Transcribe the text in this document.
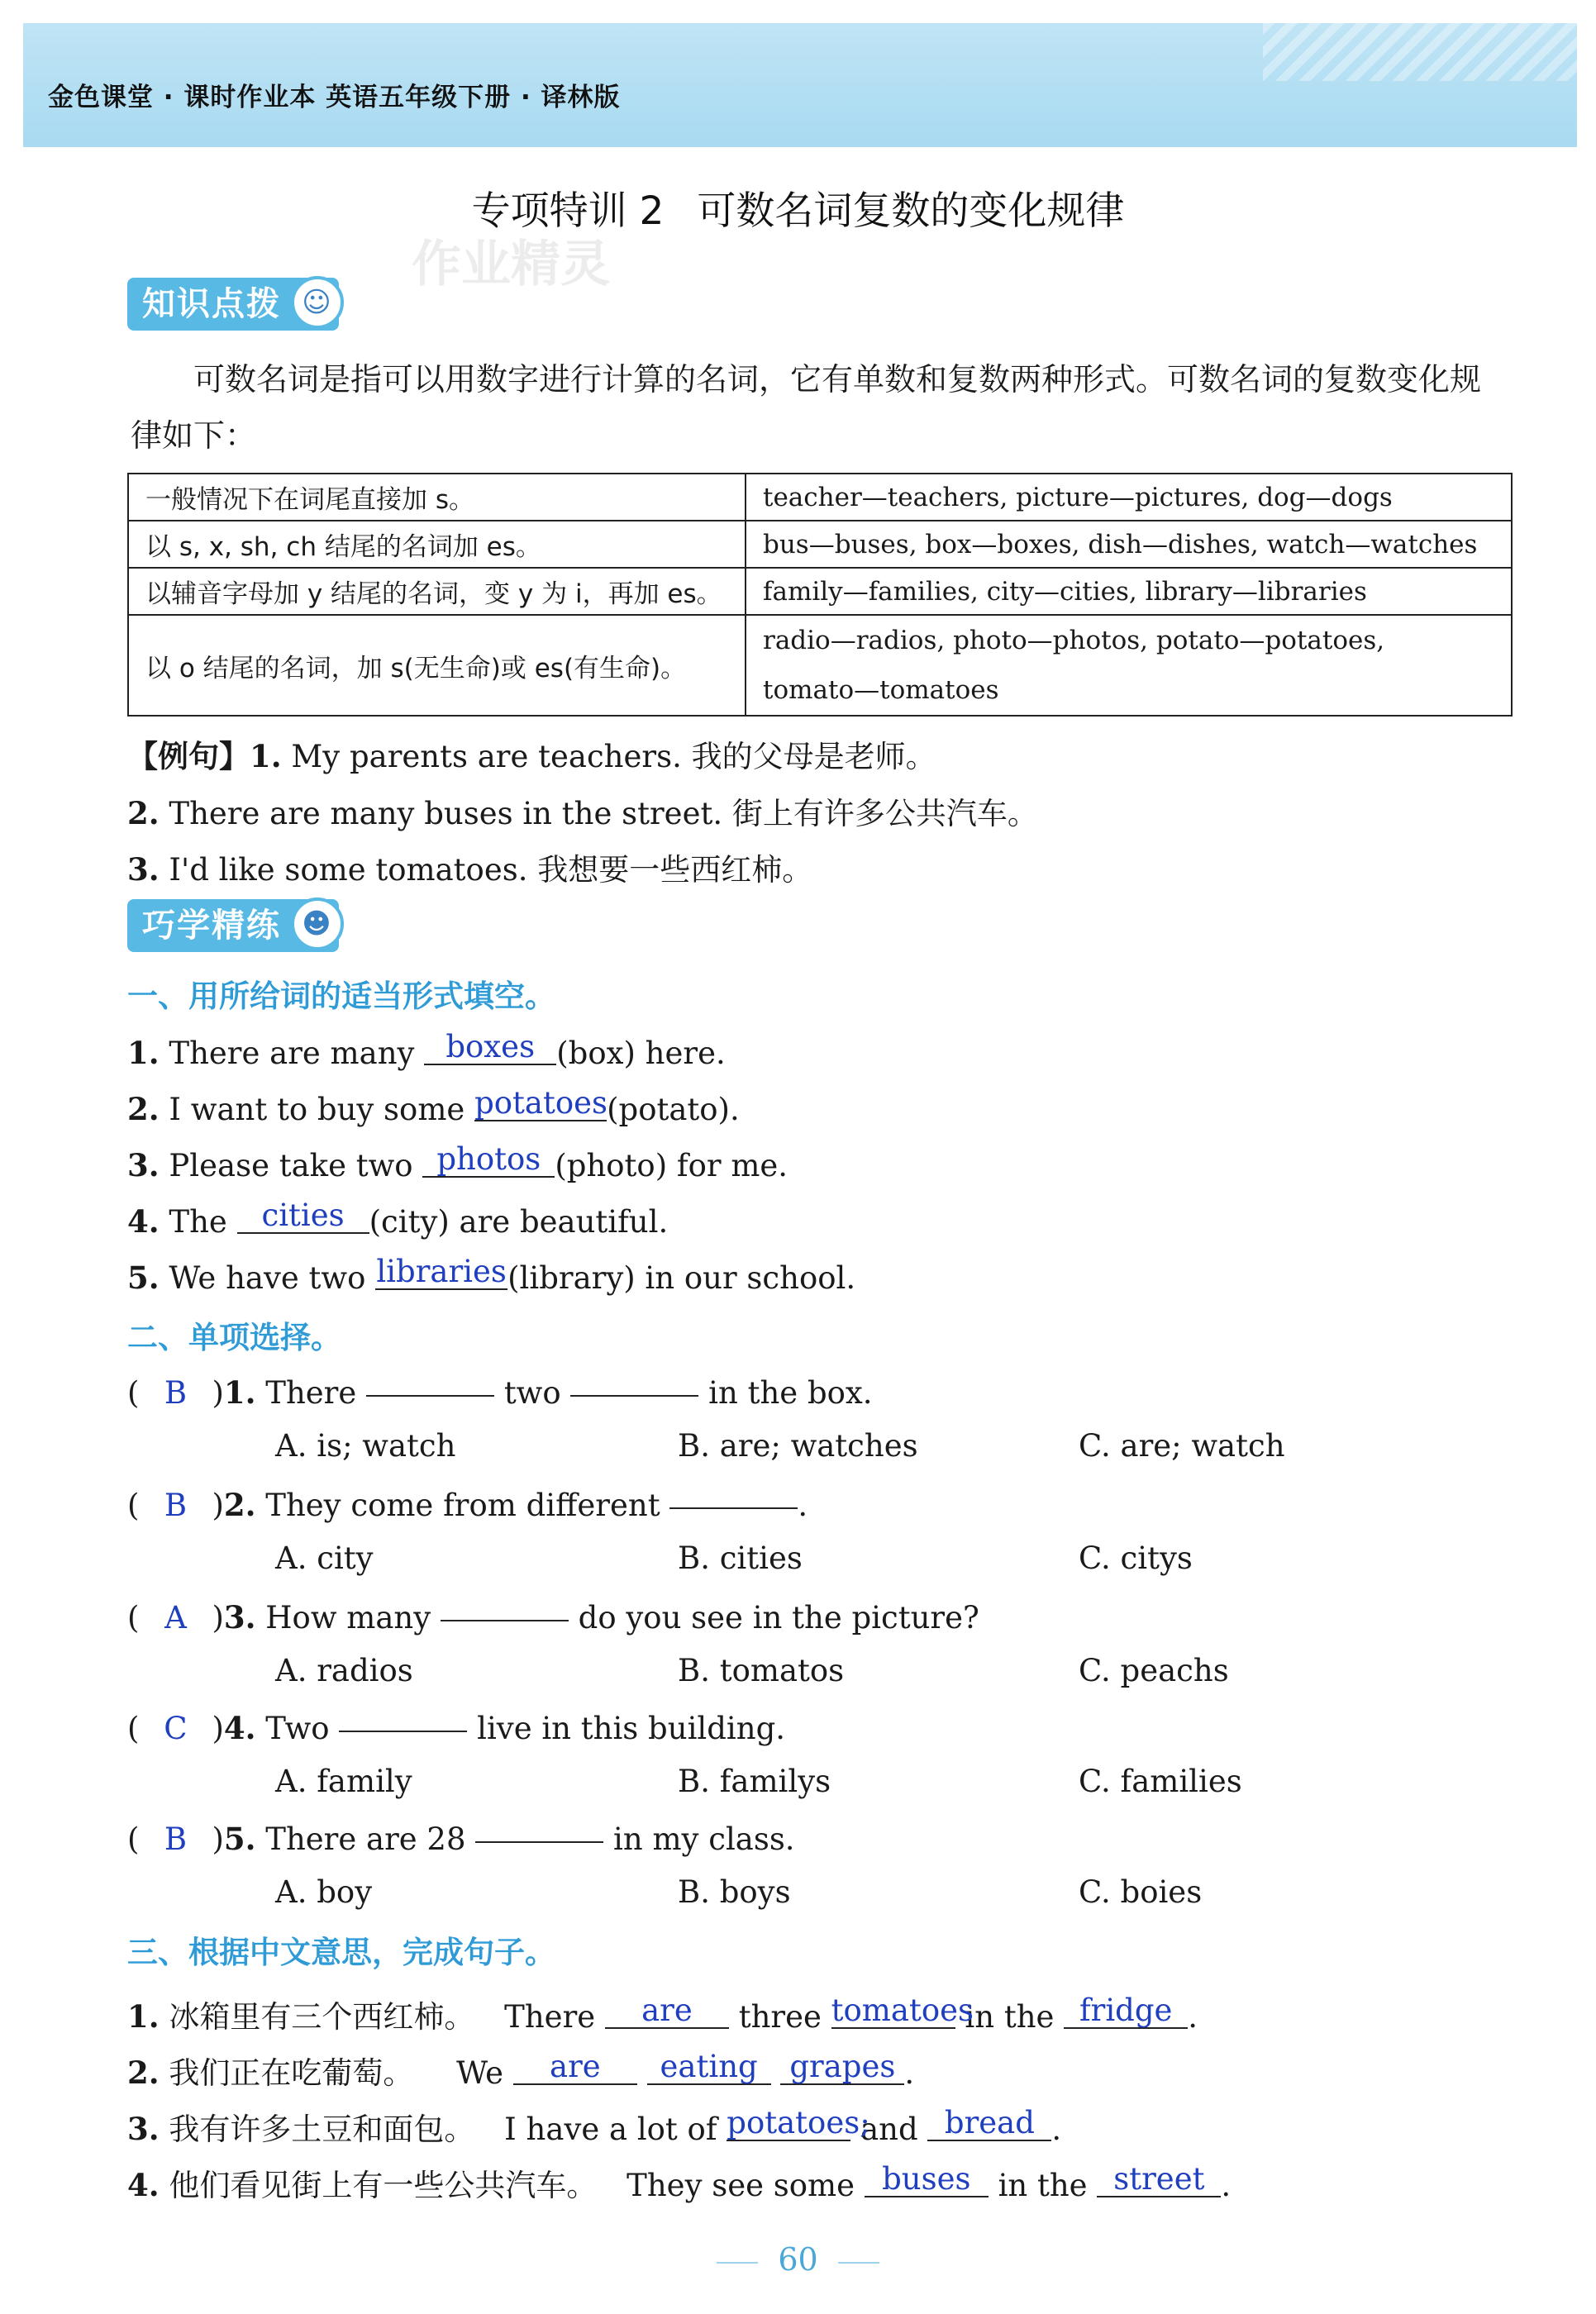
金色课堂 · 课时作业本 英语五年级下册 · 译林版
专项特训 2 可数名词复数的变化规律
作业精灵
知识点拨 ☺
可数名词是指可以用数字进行计算的名词，它有单数和复数两种形式。可数名词的复数变化规律如下：
一般情况下在词尾直接加 s。	teacher—teachers, picture—pictures, dog—dogs
以 s, x, sh, ch 结尾的名词加 es。	bus—buses, box—boxes, dish—dishes, watch—watches
以辅音字母加 y 结尾的名词，变 y 为 i，再加 es。	family—families, city—cities, library—libraries
以 o 结尾的名词，加 s(无生命)或 es(有生命)。	radio—radios, photo—photos, potato—potatoes,
tomato—tomatoes
【例句】1. My parents are teachers. 我的父母是老师。
2. There are many buses in the street. 街上有许多公共汽车。
3. I'd like some tomatoes. 我想要一些西红柿。
巧学精练 ☻
一、用所给词的适当形式填空。
1. There are many boxes (box) here.
2. I want to buy some potatoes(potato).
3. Please take two photos (photo) for me.
4. The cities (city) are beautiful.
5. We have two libraries(library) in our school.
二、单项选择。
( B )1. There	two	in the box.
A. is; watch	B. are; watches	C. are; watch
( B )2. They come from different	.
A. city	B. cities	C. citys
( A )3. How many	do you see in the picture?
A. radios	B. tomatos	C. peachs
( C )4. Two	live in this building.
A. family	B. familys	C. families
( B )5. There are 28	in my class.
A. boy	B. boys	C. boies
三、根据中文意思，完成句子。
1. 冰箱里有三个西红柿。 There are three tomatoes in the fridge .
2. 我们正在吃葡萄。 We are eating grapes .
3. 我有许多土豆和面包。 I have a lot of potatoes; and bread .
4. 他们看见街上有一些公共汽车。 They see some buses in the street .
60
